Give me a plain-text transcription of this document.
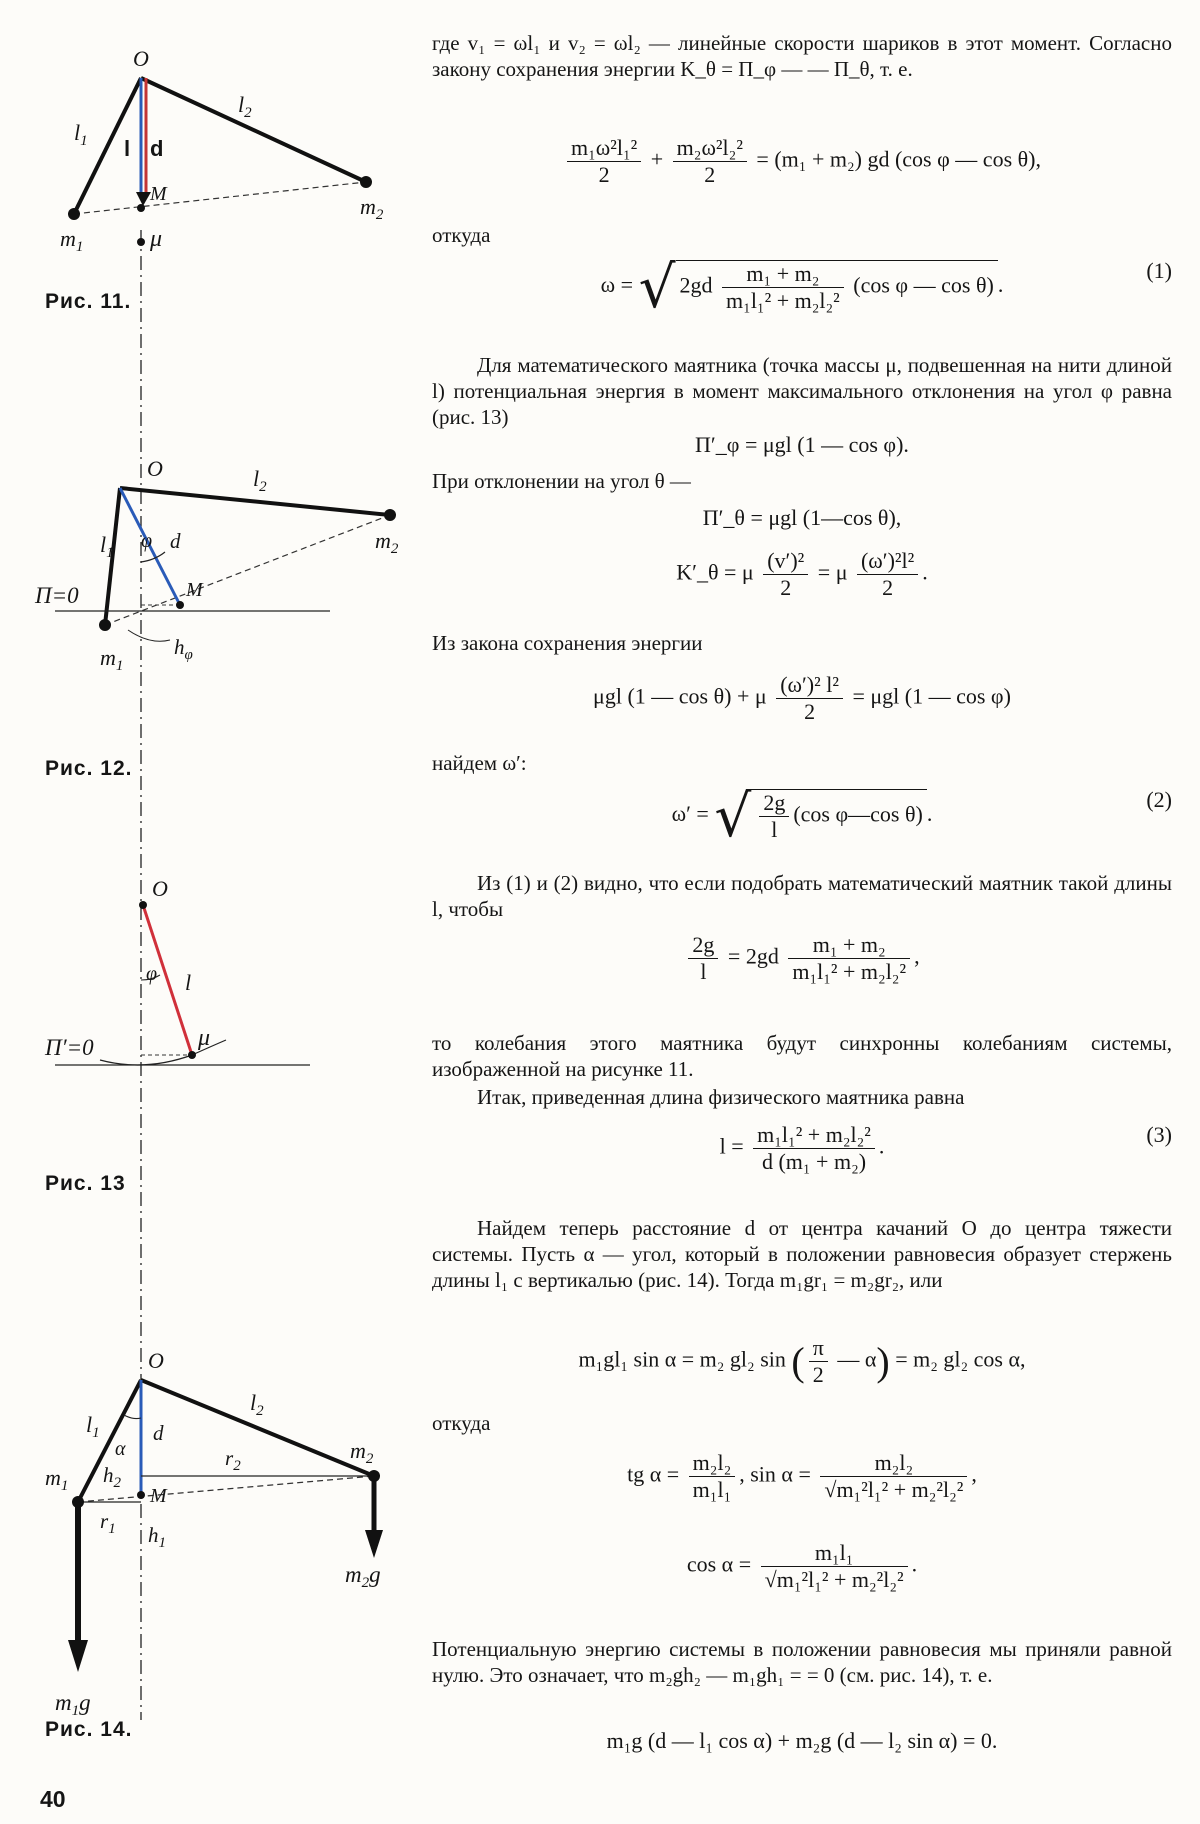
O
$l_1$
$l_2$
l d
M
$m_1$
$m_2$
μ
O
$l_1$
$l_2$
φ d
M
П=0
$m_1$
$m_2$
$h_\varphi$
O
φ l
П′=0	μ
O
$l_1$
$l_2$
α
d
$m_1$
$m_2$
$h_2$
$r_2$
M
$r_1$ $h_1$
$m_2g$
$m_1g$
Рис. 11.
Рис. 12.
Рис. 13
Рис. 14.
40
где v₁ = ωl₁ и v₂ = ωl₂ — линейные скорости шариков в этот момент. Согласно закону сохранения энергии K_θ = П_φ — — П_θ, т. е.
$\frac{\text{m₁ω²l₁²}}{2} + \frac{\text{m₂ω²l₂²}}{2} = (m_1 + m_2)$ gd (cos φ — cos θ),
откуда
ω = √ $2gd \frac{\text{m₁ + m₂}}{\text{m₁l₁² + m₂l₂²}} (\cos$ φ — cos θ) .
(1)
Для математического маятника (точка массы μ, подвешенная на нити длиной l) потенциальная энергия в момент максимального отклонения на угол φ равна (рис. 13)
П′_φ = μgl (1 — cos φ).
При отклонении на угол θ —
П′_θ = μgl (1—cos θ),
K′_θ = μ $\frac{\text{(v′)²}}{2} = \mu \frac{\text{(ω′)²l²}}{2}$ .
Из закона сохранения энергии
μgl (1 — cos θ) + μ $\frac{\text{(ω′)² l²}}{2} = \mu gl$ (1 — cos φ)
найдем ω′:
ω′ = √ $\frac{2g}{l} (\cos$ φ—cos θ) .
(2)
Из (1) и (2) видно, что если подобрать математический маятник такой длины l, чтобы
$\frac{2g}{l} = 2gd \frac{\text{m₁ + m₂}}{\text{m₁l₁² + m₂l₂²}}$ ,
то колебания этого маятника будут синхронны колебаниям системы, изображенной на рисунке 11.
Итак, приведенная длина физического маятника равна
$l = \frac{\text{m₁l₁² + m₂l₂²}}{\text{d (m₁ + m₂)}}$ .	(3)
Найдем теперь расстояние d от центра качаний O до центра тяжести системы. Пусть α — угол, который в положении равновесия образует стержень длины l₁ с вертикалью (рис. 14). Тогда m₁gr₁ = m₂gr₂, или
m₁gl₁ sin α = m₂ gl₂ sin ( $\frac{\pi}{2}$ — α) = m₂ gl₂ cos α,
откуда
tg $\alpha = \frac{\text{m₂l₂}}{\text{m₁l₁}}$ , $\sin \alpha = \frac{\text{m₂l₂}}{\text{√m₁²l₁² + m₂²l₂²}}$ ,
$\cos \alpha = \frac{\text{m₁l₁}}{\text{√m₁²l₁² + m₂²l₂²}}$ .
Потенциальную энергию системы в положении равновесия мы приняли равной нулю. Это означает, что m₂gh₂ — m₁gh₁ = = 0 (см. рис. 14), т. е.
m₁g (d — l₁ cos α) + m₂g (d — l₂ sin α) = 0.
